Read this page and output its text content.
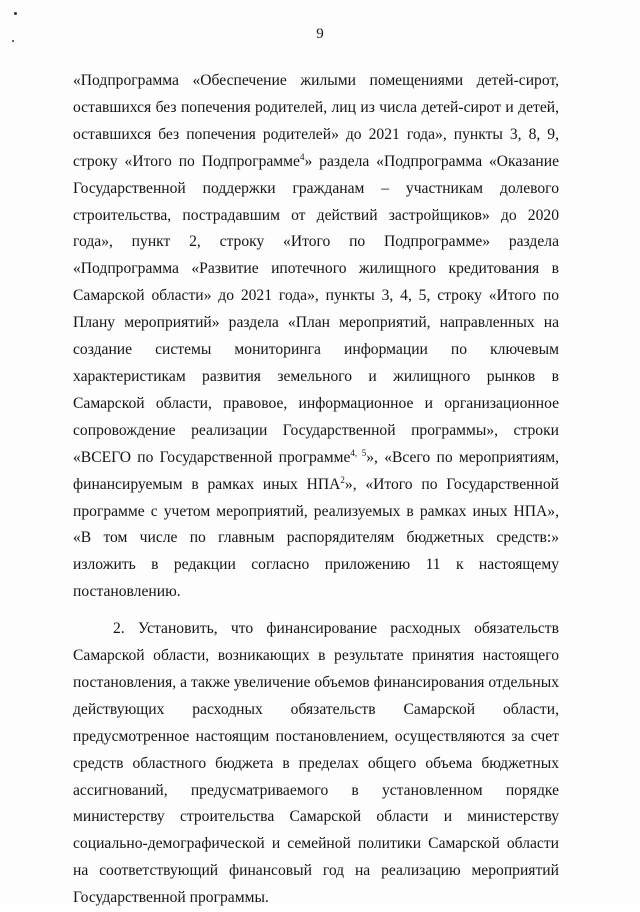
9

«Подпрограмма «Обеспечение жилыми помещениями детей-сирот, оставшихся без попечения родителей, лиц из числа детей-сирот и детей, оставшихся без попечения родителей» до 2021 года», пункты 3, 8, 9, строку «Итого по Подпрограмме$^4$» раздела «Подпрограмма «Оказание Государственной поддержки гражданам – участникам долевого строительства, пострадавшим от действий застройщиков» до 2020 года», пункт 2, строку «Итого по Подпрограмме» раздела «Подпрограмма «Развитие ипотечного жилищного кредитования в Самарской области» до 2021 года», пункты 3, 4, 5, строку «Итого по Плану мероприятий» раздела «План мероприятий, направленных на создание системы мониторинга информации по ключевым характеристикам развития земельного и жилищного рынков в Самарской области, правовое, информационное и организационное сопровождение реализации Государственной программы», строки «ВСЕГО по Государственной программе$^{4, 5}$», «Всего по мероприятиям, финансируемым в рамках иных НПА$^2$», «Итого по Государственной программе с учетом мероприятий, реализуемых в рамках иных НПА», «В том числе по главным распорядителям бюджетных средств:» изложить в редакции согласно приложению 11 к настоящему постановлению.

2. Установить, что финансирование расходных обязательств Самарской области, возникающих в результате принятия настоящего постановления, а также увеличение объемов финансирования отдельных действующих расходных обязательств Самарской области, предусмотренное настоящим постановлением, осуществляются за счет средств областного бюджета в пределах общего объема бюджетных ассигнований, предусматриваемого в установленном порядке министерству строительства Самарской области и министерству социально-демографической и семейной политики Самарской области на соответствующий финансовый год на реализацию мероприятий Государственной программы.
